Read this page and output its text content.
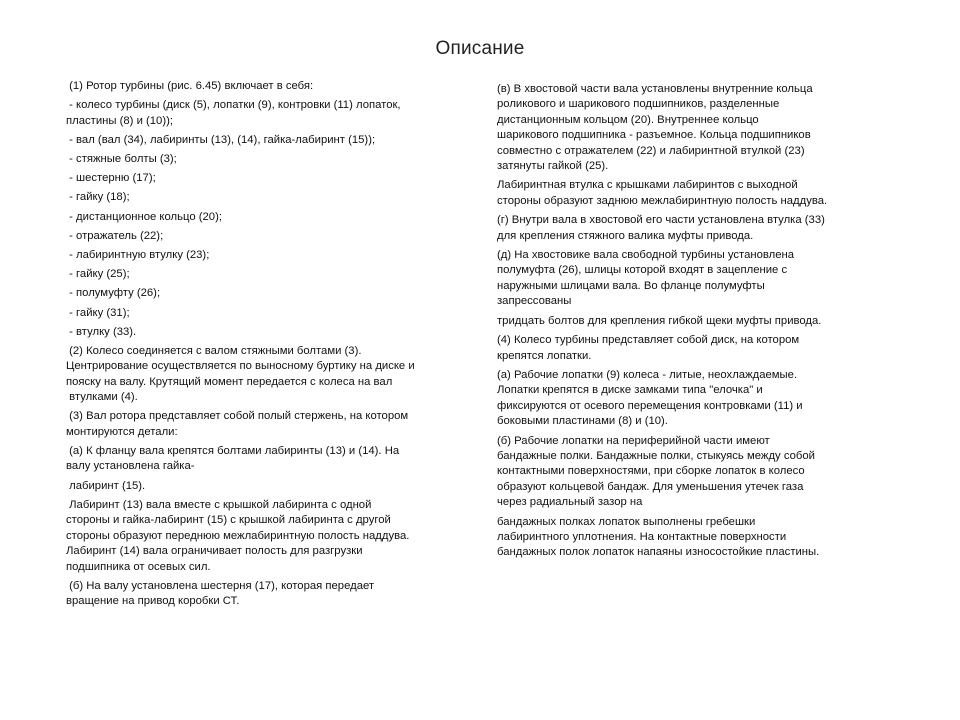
Описание

(1) Ротор турбины (рис. 6.45) включает в себя:

- колесо турбины (диск (5), лопатки (9), контровки (11) лопаток,
пластины (8) и (10));

- вал (вал (34), лабиринты (13), (14), гайка-лабиринт (15));

- стяжные болты (3);

- шестерню (17);

- гайку (18);

- дистанционное кольцо (20);

- отражатель (22);

- лабиринтную втулку (23);

- гайку (25);

- полумуфту (26);

- гайку (31);

- втулку (33).

(2) Колесо соединяется с валом стяжными болтами (3).
Центрирование осуществляется по выносному буртику на диске и
пояску на валу. Крутящий момент передается с колеса на вал
втулками (4).

(3) Вал ротора представляет собой полый стержень, на котором
монтируются детали:

(а) К фланцу вала крепятся болтами лабиринты (13) и (14). На
валу установлена гайка-

лабиринт (15).

Лабиринт (13) вала вместе с крышкой лабиринта с одной
стороны и гайка-лабиринт (15) с крышкой лабиринта с другой
стороны образуют переднюю межлабиринтную полость наддува.
Лабиринт (14) вала ограничивает полость для разгрузки
подшипника от осевых сил.

(б) На валу установлена шестерня (17), которая передает
вращение на привод коробки СТ.

(в) В хвостовой части вала установлены внутренние кольца
роликового и шарикового подшипников, разделенные
дистанционным кольцом (20). Внутреннее кольцо
шарикового подшипника - разъемное. Кольца подшипников
совместно с отражателем (22) и лабиринтной втулкой (23)
затянуты гайкой (25).

Лабиринтная втулка с крышками лабиринтов с выходной
стороны образуют заднюю межлабиринтную полость наддува.

(г) Внутри вала в хвостовой его части установлена втулка (33)
для крепления стяжного валика муфты привода.

(д) На хвостовике вала свободной турбины установлена
полумуфта (26), шлицы которой входят в зацепление с
наружными шлицами вала. Во фланце полумуфты
запрессованы

тридцать болтов для крепления гибкой щеки муфты привода.

(4) Колесо турбины представляет собой диск, на котором
крепятся лопатки.

(а) Рабочие лопатки (9) колеса - литые, неохлаждаемые.
Лопатки крепятся в диске замками типа "елочка" и
фиксируются от осевого перемещения контровками (11) и
боковыми пластинами (8) и (10).

(б) Рабочие лопатки на периферийной части имеют
бандажные полки. Бандажные полки, стыкуясь между собой
контактными поверхностями, при сборке лопаток в колесо
образуют кольцевой бандаж. Для уменьшения утечек газа
через радиальный зазор на

бандажных полках лопаток выполнены гребешки
лабиринтного уплотнения. На контактные поверхности
бандажных полок лопаток напаяны износостойкие пластины.
